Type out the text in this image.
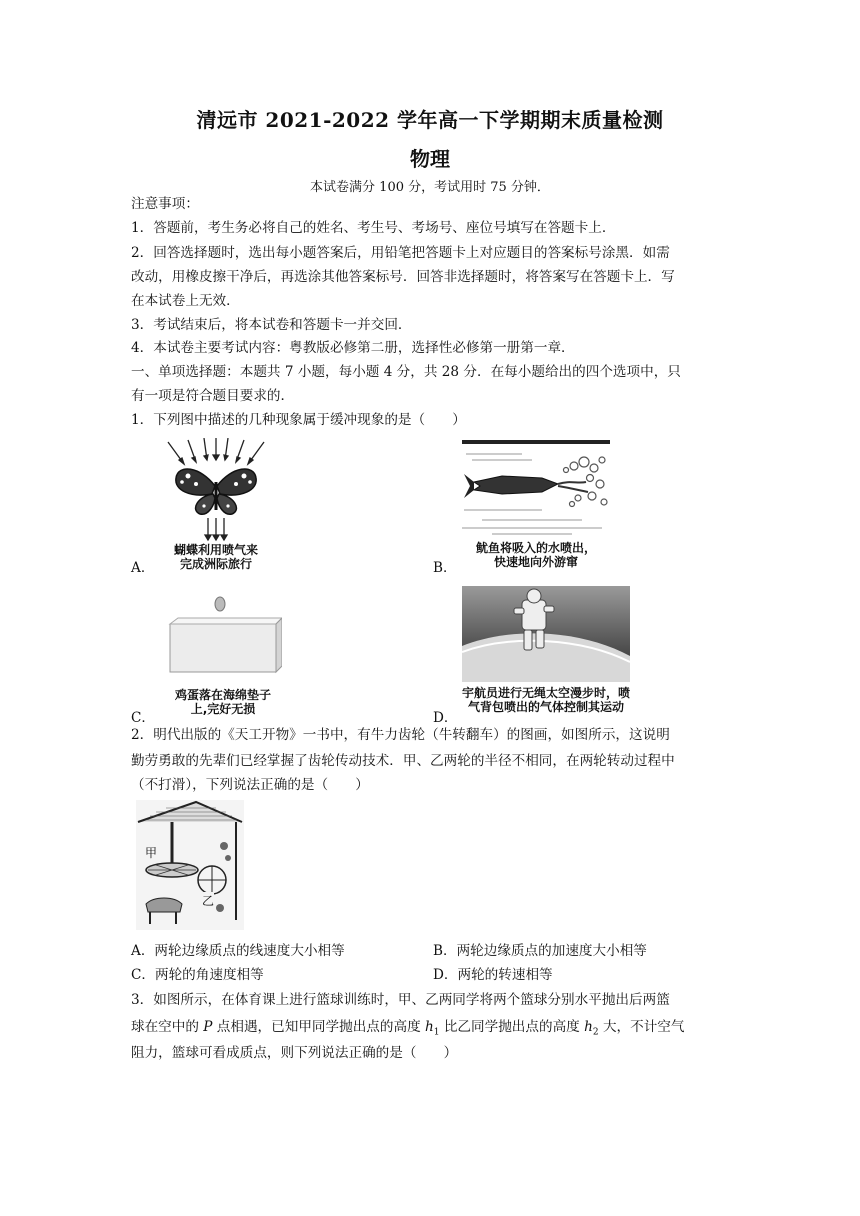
清远市 2021-2022 学年高一下学期期末质量检测
物理
本试卷满分 100 分，考试用时 75 分钟．
注意事项：
1．答题前，考生务必将自己的姓名、考生号、考场号、座位号填写在答题卡上．
2．回答选择题时，选出每小题答案后，用铅笔把答题卡上对应题目的答案标号涂黑．如需
改动，用橡皮擦干净后，再选涂其他答案标号．回答非选择题时，将答案写在答题卡上．写
在本试卷上无效．
3．考试结束后，将本试卷和答题卡一并交回．
4．本试卷主要考试内容：粤教版必修第二册，选择性必修第一册第一章．
一、单项选择题：本题共 7 小题，每小题 4 分，共 28 分．在每小题给出的四个选项中，只
有一项是符合题目要求的．
1．下列图中描述的几种现象属于缓冲现象的是（　　）
蝴蝶利用喷气来
完成洲际旅行
A．
鱿鱼将吸入的水喷出，
快速地向外游窜
B．
鸡蛋落在海绵垫子
上,完好无损
C．
宇航员进行无绳太空漫步时，喷
气背包喷出的气体控制其运动
D．
2．明代出版的《天工开物》一书中，有牛力齿轮（牛转翻车）的图画，如图所示，这说明
勤劳勇敢的先辈们已经掌握了齿轮传动技术．甲、乙两轮的半径不相同，在两轮转动过程中
（不打滑），下列说法正确的是（　　）
甲
乙
A．两轮边缘质点的线速度大小相等	B．两轮边缘质点的加速度大小相等
C．两轮的角速度相等	D．两轮的转速相等
3．如图所示，在体育课上进行篮球训练时，甲、乙两同学将两个篮球分别水平抛出后两篮
球在空中的 P 点相遇，已知甲同学抛出点的高度 $h_1$ 比乙同学抛出点的高度 $h_2$ 大，不计空气
阻力，篮球可看成质点，则下列说法正确的是（　　）
